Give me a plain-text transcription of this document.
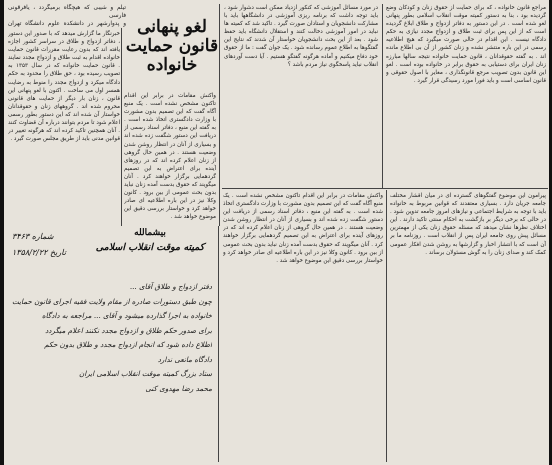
تیلم و شیبی که هیچگاه برمیگردد ، یافرقونی فارسی

و پدوارشهر در دانشکده علوم دانشگاه تهران	لغو پنهانی
قانون حمایت
خانواده

خبرنگار ما گزارش میدهد که با صدور این دستور ، دفاتر ازدواج و طلاق در سراسر کشور اجازه یافته اند که بدون رعایت مقررات قانون حمایت خانواده اقدام به ثبت طلاق و ازدواج مجدد نمایند . قانون حمایت خانواده که در سال ۱۳۵۳ به تصویب رسیده بود ، حق طلاق را محدود به حکم دادگاه میکرد و ازدواج مجدد را منوط به رضایت همسر اول می ساخت . اکنون با لغو پنهانی این قانون ، زنان بار دیگر از حمایت های قانونی محروم شده اند . گروههای زنان و حقوقدانان خواستار آن شده اند که این دستور بطور رسمی اعلام شود تا مردم بتوانند درباره آن قضاوت کنند . آنان همچنین تاکید کرده اند که هرگونه تغییر در قوانین مدنی باید از طریق مجلس صورت گیرد .

واکنش مقامات در برابر این اقدام تاکنون مشخص نشده است . یک منبع آگاه گفت که این تصمیم بدون مشورت با وزارت دادگستری اتخاذ شده است . به گفته این منبع ، دفاتر اسناد رسمی از دریافت این دستور شگفت زده شده اند و بسیاری از آنان در انتظار روشن شدن وضعیت هستند . در همین حال گروهی از زنان اعلام کرده اند که در روزهای آینده برای اعتراض به این تصمیم گردهمایی برگزار خواهند کرد . آنان میگویند که حقوق بدست آمده زنان نباید بدون بحث عمومی از بین برود . کانون وکلا نیز در این باره اطلاعیه ای صادر خواهد کرد و خواستار بررسی دقیق این موضوع خواهد شد .

در مورد مسائل آموزشی که کنکور ازدیاد ممکن است دشوار شود ، باید توجه داشت که برنامه ریزی آموزشی در دانشگاهها باید با مشارکت دانشجویان و استادان صورت گیرد . تاکید شد که کمیته ها نباید در امور آموزشی دخالت کنند و استقلال دانشگاه باید حفظ شود . بعد از این بحث دانشجویان خواستار آن شدند که نتایج این گفتگوها به اطلاع عموم رسانده شود . یک جوان گفت : ما از حقوق خود دفاع میکنیم و آماده هرگونه گفتگو هستیم . آیا دست آوردهای انقلاب نباید پاسخگوی نیاز مردم باشد ؟

مراجع قانون خانواده ، که برای حمایت از حقوق زنان و کودکان وضع گردیده بود ، بنا به دستور کمیته موقت انقلاب اسلامی بطور پنهانی لغو شده است . در این دستور به دفاتر ازدواج و طلاق ابلاغ گردیده است که از این پس برای ثبت طلاق و ازدواج مجدد نیازی به حکم دادگاه نیست . این اقدام در حالی صورت میگیرد که هیچ اطلاعیه رسمی در این باره منتشر نشده و زنان کشور از آن بی اطلاع مانده اند . به گفته حقوقدانان ، قانون حمایت خانواده نتیجه سالها مبارزه زنان ایران برای دستیابی به حقوق برابر در خانواده بوده است . لغو این قانون بدون تصویب مرجع قانونگذاری ، مغایر با اصول حقوقی و قانون اساسی است و باید فورا مورد رسیدگی قرار گیرد .

بیشمالله
کمیته موقت انقلاب اسلامی
شماره ۳۴۶۳
تاریخ ۱۳۵۸/۲/۲۲
دفتر ازدواج و طلاق آقای ...
چون طبق دستورات صادره از مقام ولایت فقیه اجرای قانون حمایت
خانواده به اجرا گذارده میشود و آقای ... مراجعه به دادگاه
برای صدور حکم طلاق و ازدواج مجدد نکنند اعلام میگردد
اطلاع داده شود که انجام ازدواج مجدد و طلاق بدون حکم
دادگاه مانعی ندارد
ستاد بزرگ کمیته موقت انقلاب اسلامی ایران
محمد رضا مهدوی کنی

واکنش مقامات در برابر این اقدام تاکنون مشخص نشده است . یک منبع آگاه گفت که این تصمیم بدون مشورت با وزارت دادگستری اتخاذ شده است . به گفته این منبع ، دفاتر اسناد رسمی از دریافت این دستور شگفت زده شده اند و بسیاری از آنان در انتظار روشن شدن وضعیت هستند . در همین حال گروهی از زنان اعلام کرده اند که در روزهای آینده برای اعتراض به این تصمیم گردهمایی برگزار خواهند کرد . آنان میگویند که حقوق بدست آمده زنان نباید بدون بحث عمومی از بین برود . کانون وکلا نیز در این باره اطلاعیه ای صادر خواهد کرد و خواستار بررسی دقیق این موضوع خواهد شد .

پیرامون این موضوع گفتگوهای گسترده ای در میان اقشار مختلف جامعه جریان دارد . بسیاری معتقدند که قوانین مربوط به خانواده باید با توجه به شرایط اجتماعی و نیازهای امروز جامعه تدوین شود . در حالی که برخی دیگر بر بازگشت به احکام سنتی تاکید دارند . این اختلاف نظرها نشان میدهد که مسئله حقوق زنان یکی از مهمترین مسائل پیش روی جامعه ایران پس از انقلاب است . روزنامه ما بر آن است که با انتشار اخبار و گزارشها به روشن شدن افکار عمومی کمک کند و صدای زنان را به گوش مسئولان برساند .
